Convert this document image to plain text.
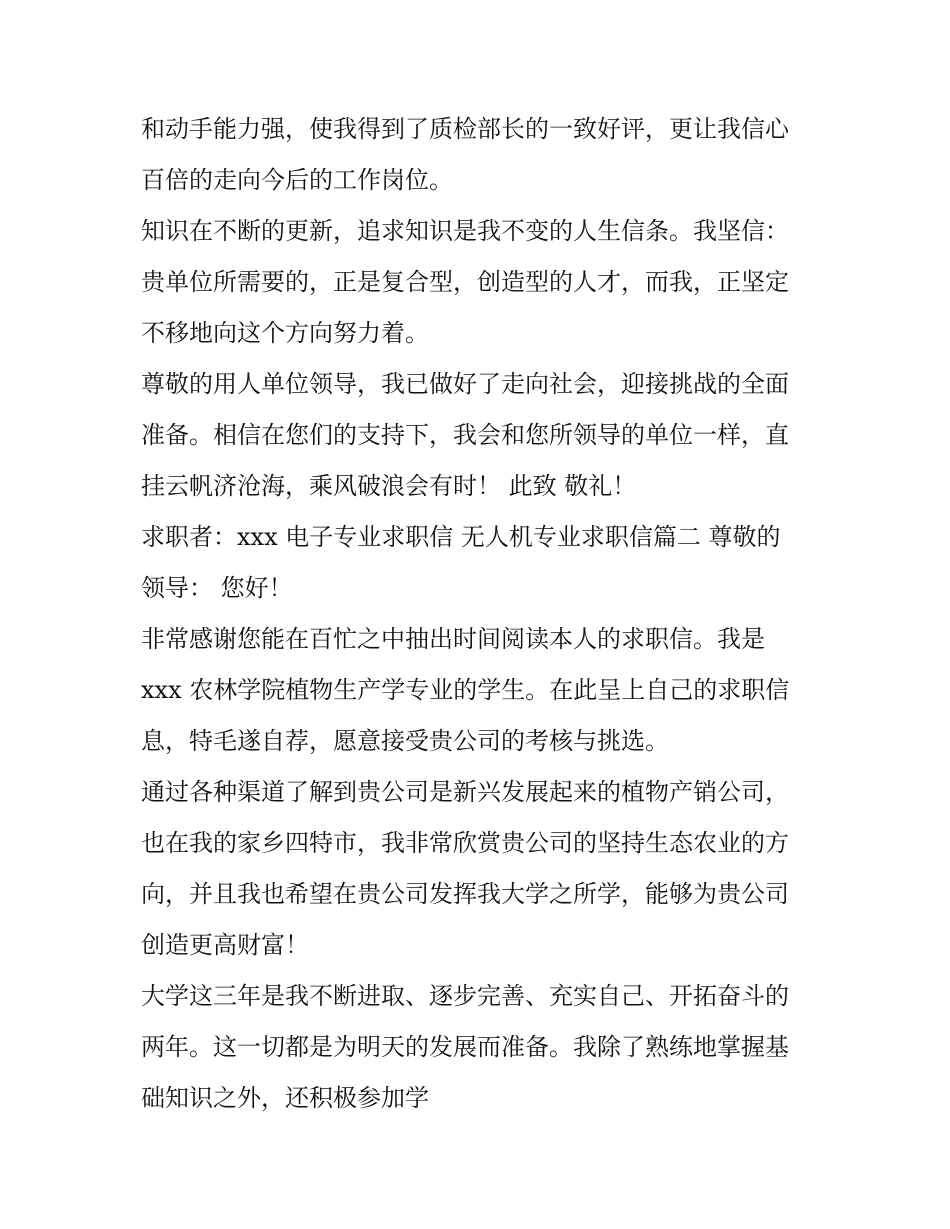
和动手能力强，使我得到了质检部长的一致好评，更让我信心
百倍的走向今后的工作岗位。
知识在不断的更新，追求知识是我不变的人生信条。我坚信：
贵单位所需要的，正是复合型，创造型的人才，而我，正坚定
不移地向这个方向努力着。
尊敬的用人单位领导，我已做好了走向社会，迎接挑战的全面
准备。相信在您们的支持下，我会和您所领导的单位一样，直
挂云帆济沧海，乘风破浪会有时！ 此致 敬礼！
求职者：xxx 电子专业求职信 无人机专业求职信篇二 尊敬的
领导： 您好！
非常感谢您能在百忙之中抽出时间阅读本人的求职信。我是
xxx 农林学院植物生产学专业的学生。在此呈上自己的求职信
息，特毛遂自荐，愿意接受贵公司的考核与挑选。
通过各种渠道了解到贵公司是新兴发展起来的植物产销公司，
也在我的家乡四特市，我非常欣赏贵公司的坚持生态农业的方
向，并且我也希望在贵公司发挥我大学之所学，能够为贵公司
创造更高财富！
大学这三年是我不断进取、逐步完善、充实自己、开拓奋斗的
两年。这一切都是为明天的发展而准备。我除了熟练地掌握基
础知识之外，还积极参加学
